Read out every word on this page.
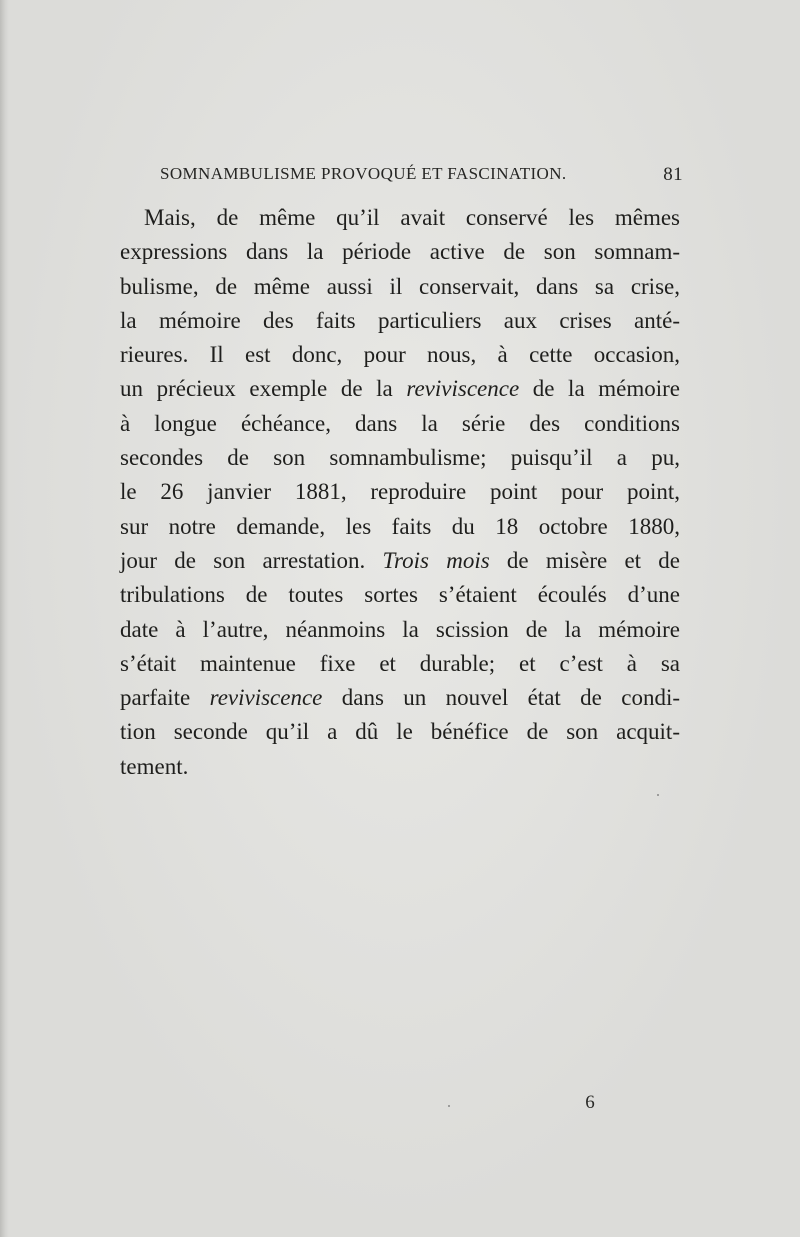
SOMNAMBULISME PROVOQUÉ ET FASCINATION.	81
Mais, de même qu’il avait conservé les mêmes
expressions dans la période active de son somnam-
bulisme, de même aussi il conservait, dans sa crise,
la mémoire des faits particuliers aux crises anté-
rieures. Il est donc, pour nous, à cette occasion,
un précieux exemple de la reviviscence de la mémoire
à longue échéance, dans la série des conditions
secondes de son somnambulisme; puisqu’il a pu,
le 26 janvier 1881, reproduire point pour point,
sur notre demande, les faits du 18 octobre 1880,
jour de son arrestation. Trois mois de misère et de
tribulations de toutes sortes s’étaient écoulés d’une
date à l’autre, néanmoins la scission de la mémoire
s’était maintenue fixe et durable; et c’est à sa
parfaite reviviscence dans un nouvel état de condi-
tion seconde qu’il a dû le bénéfice de son acquit-
tement.
6
